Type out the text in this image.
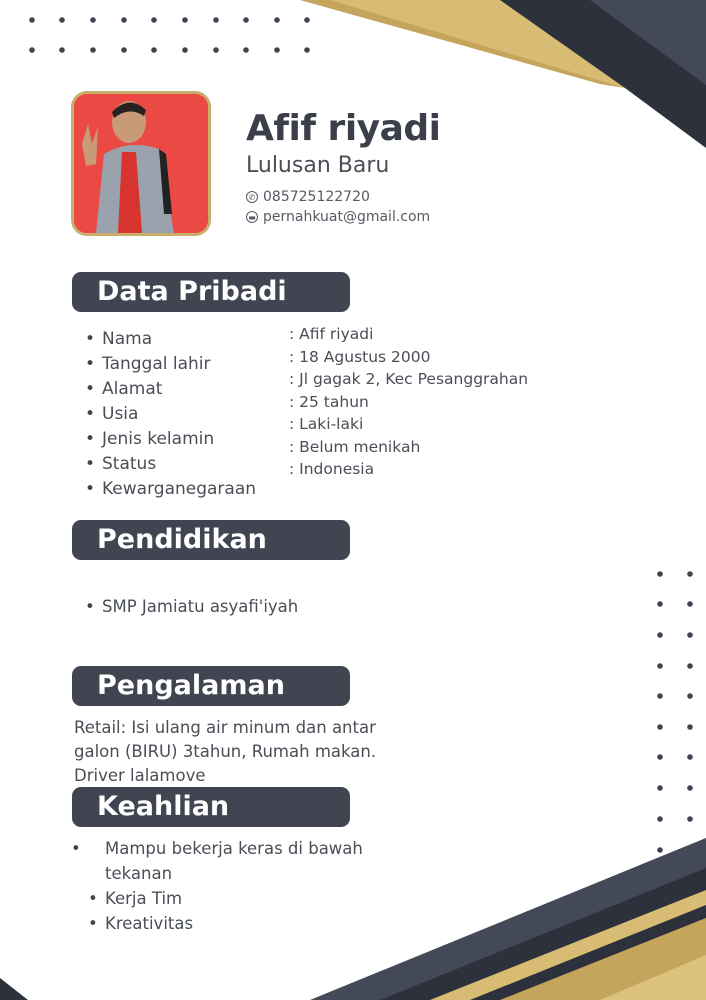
Afif riyadi
Lulusan Baru
✆ 085725122720
▬ pernahkuat@gmail.com
Data Pribadi
• Nama
• Tanggal lahir
• Alamat
• Usia
• Jenis kelamin
• Status
• Kewarganegaraan
: Afif riyadi
: 18 Agustus 2000
: Jl gagak 2, Kec Pesanggrahan
: 25 tahun
: Laki-laki
: Belum menikah
: Indonesia
Pendidikan
• SMP Jamiatu asyafi'iyah
Pengalaman
Retail: Isi ulang air minum dan antar galon (BIRU) 3tahun, Rumah makan. Driver lalamove
Keahlian
• Mampu bekerja keras di bawah tekanan
• Kerja Tim
• Kreativitas
